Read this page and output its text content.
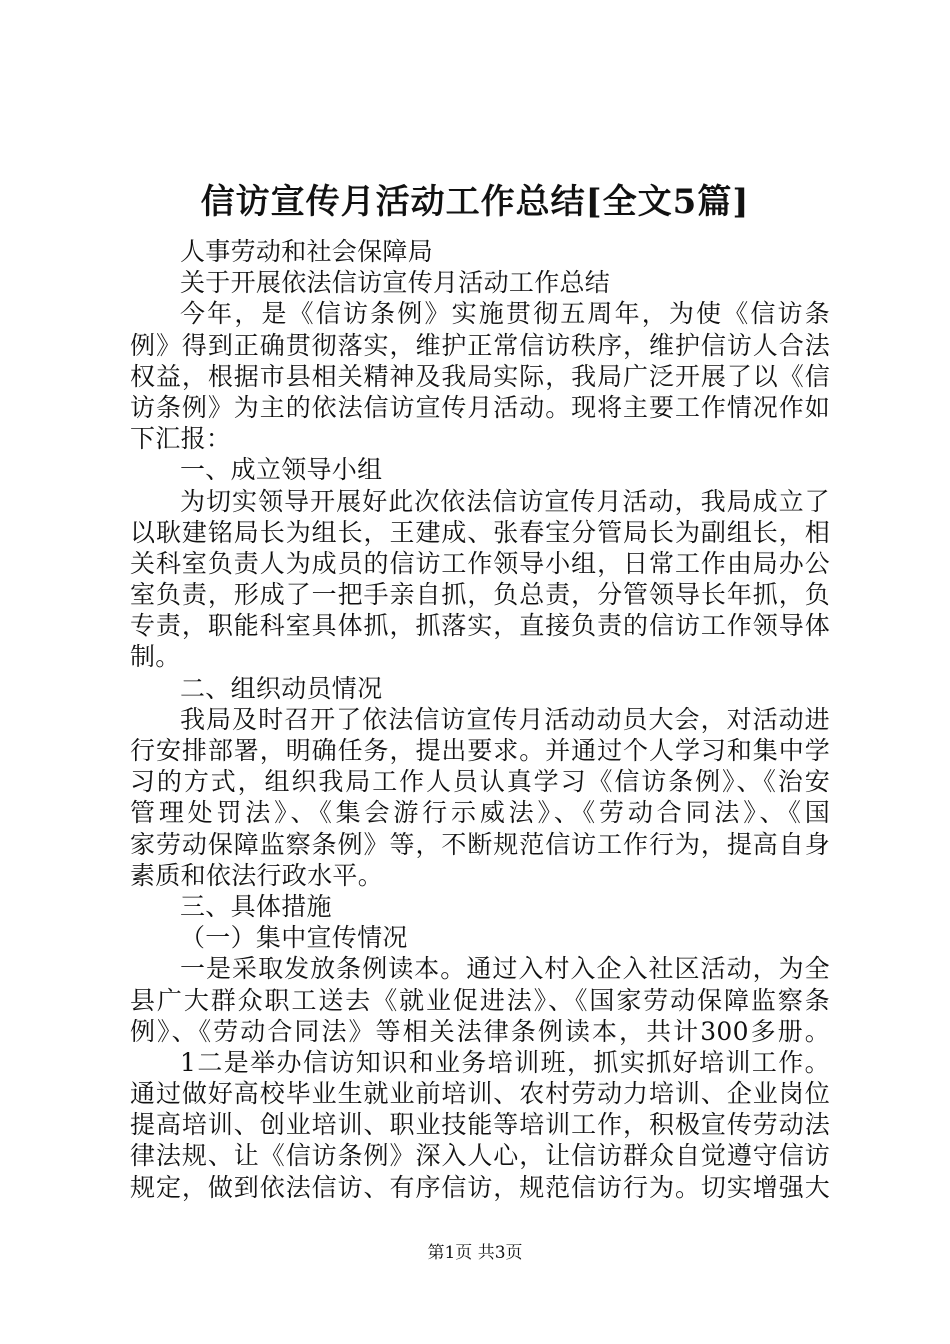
信访宣传月活动工作总结[全文5篇]
人事劳动和社会保障局
关于开展依法信访宣传月活动工作总结
今年，是《信访条例》实施贯彻五周年，为使《信访条
例》得到正确贯彻落实，维护正常信访秩序，维护信访人合法
权益，根据市县相关精神及我局实际，我局广泛开展了以《信
访条例》为主的依法信访宣传月活动。现将主要工作情况作如
下汇报：
一、成立领导小组
为切实领导开展好此次依法信访宣传月活动，我局成立了
以耿建铭局长为组长，王建成、张春宝分管局长为副组长，相
关科室负责人为成员的信访工作领导小组，日常工作由局办公
室负责，形成了一把手亲自抓，负总责，分管领导长年抓，负
专责，职能科室具体抓，抓落实，直接负责的信访工作领导体
制。
二、组织动员情况
我局及时召开了依法信访宣传月活动动员大会，对活动进
行安排部署，明确任务，提出要求。并通过个人学习和集中学
习的方式，组织我局工作人员认真学习《信访条例》、《治安
管理处罚法》、《集会游行示威法》、《劳动合同法》、《国
家劳动保障监察条例》等，不断规范信访工作行为，提高自身
素质和依法行政水平。
三、具体措施
（一）集中宣传情况
一是采取发放条例读本。通过入村入企入社区活动，为全
县广大群众职工送去《就业促进法》、《国家劳动保障监察条
例》、《劳动合同法》等相关法律条例读本，共计300多册。
1二是举办信访知识和业务培训班，抓实抓好培训工作。
通过做好高校毕业生就业前培训、农村劳动力培训、企业岗位
提高培训、创业培训、职业技能等培训工作，积极宣传劳动法
律法规、让《信访条例》深入人心，让信访群众自觉遵守信访
规定，做到依法信访、有序信访，规范信访行为。切实增强大
第1页 共3页
